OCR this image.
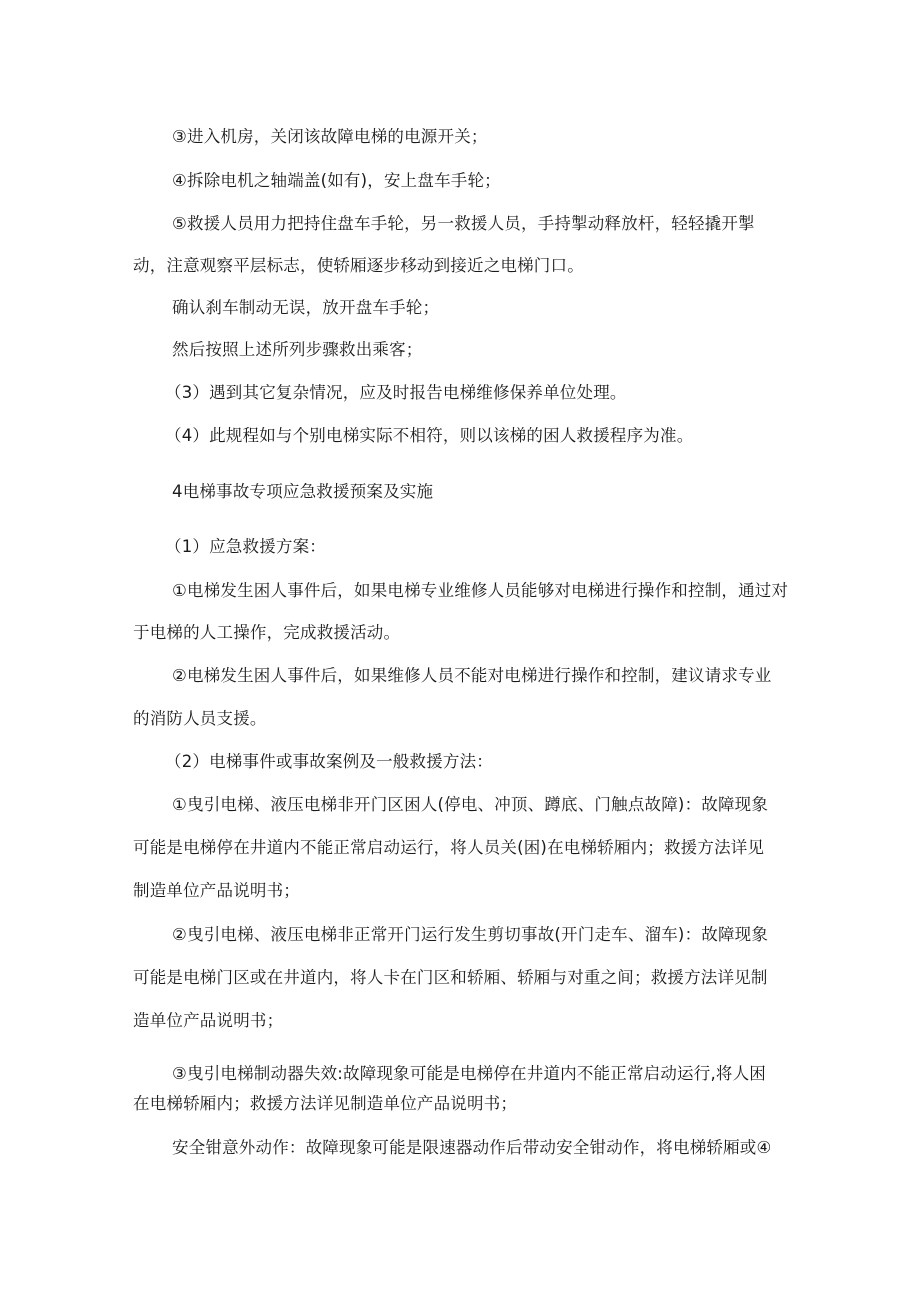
③进入机房，关闭该故障电梯的电源开关；
④拆除电机之轴端盖(如有)，安上盘车手轮；
⑤救援人员用力把持住盘车手轮，另一救援人员，手持掣动释放杆，轻轻撬开掣
动，注意观察平层标志，使轿厢逐步移动到接近之电梯门口。
确认刹车制动无误，放开盘车手轮；
然后按照上述所列步骤救出乘客；
（3）遇到其它复杂情况，应及时报告电梯维修保养单位处理。
（4）此规程如与个别电梯实际不相符，则以该梯的困人救援程序为准。
4电梯事故专项应急救援预案及实施
（1）应急救援方案：
①电梯发生困人事件后，如果电梯专业维修人员能够对电梯进行操作和控制，通过对
于电梯的人工操作，完成救援活动。
②电梯发生困人事件后，如果维修人员不能对电梯进行操作和控制，建议请求专业
的消防人员支援。
（2）电梯事件或事故案例及一般救援方法：
①曳引电梯、液压电梯非开门区困人(停电、冲顶、蹲底、门触点故障)：故障现象
可能是电梯停在井道内不能正常启动运行，将人员关(困)在电梯轿厢内；救援方法详见
制造单位产品说明书；
②曳引电梯、液压电梯非正常开门运行发生剪切事故(开门走车、溜车)：故障现象
可能是电梯门区或在井道内，将人卡在门区和轿厢、轿厢与对重之间；救援方法详见制
造单位产品说明书；
③曳引电梯制动器失效:故障现象可能是电梯停在井道内不能正常启动运行,将人困
在电梯轿厢内；救援方法详见制造单位产品说明书；
安全钳意外动作：故障现象可能是限速器动作后带动安全钳动作，将电梯轿厢或④
